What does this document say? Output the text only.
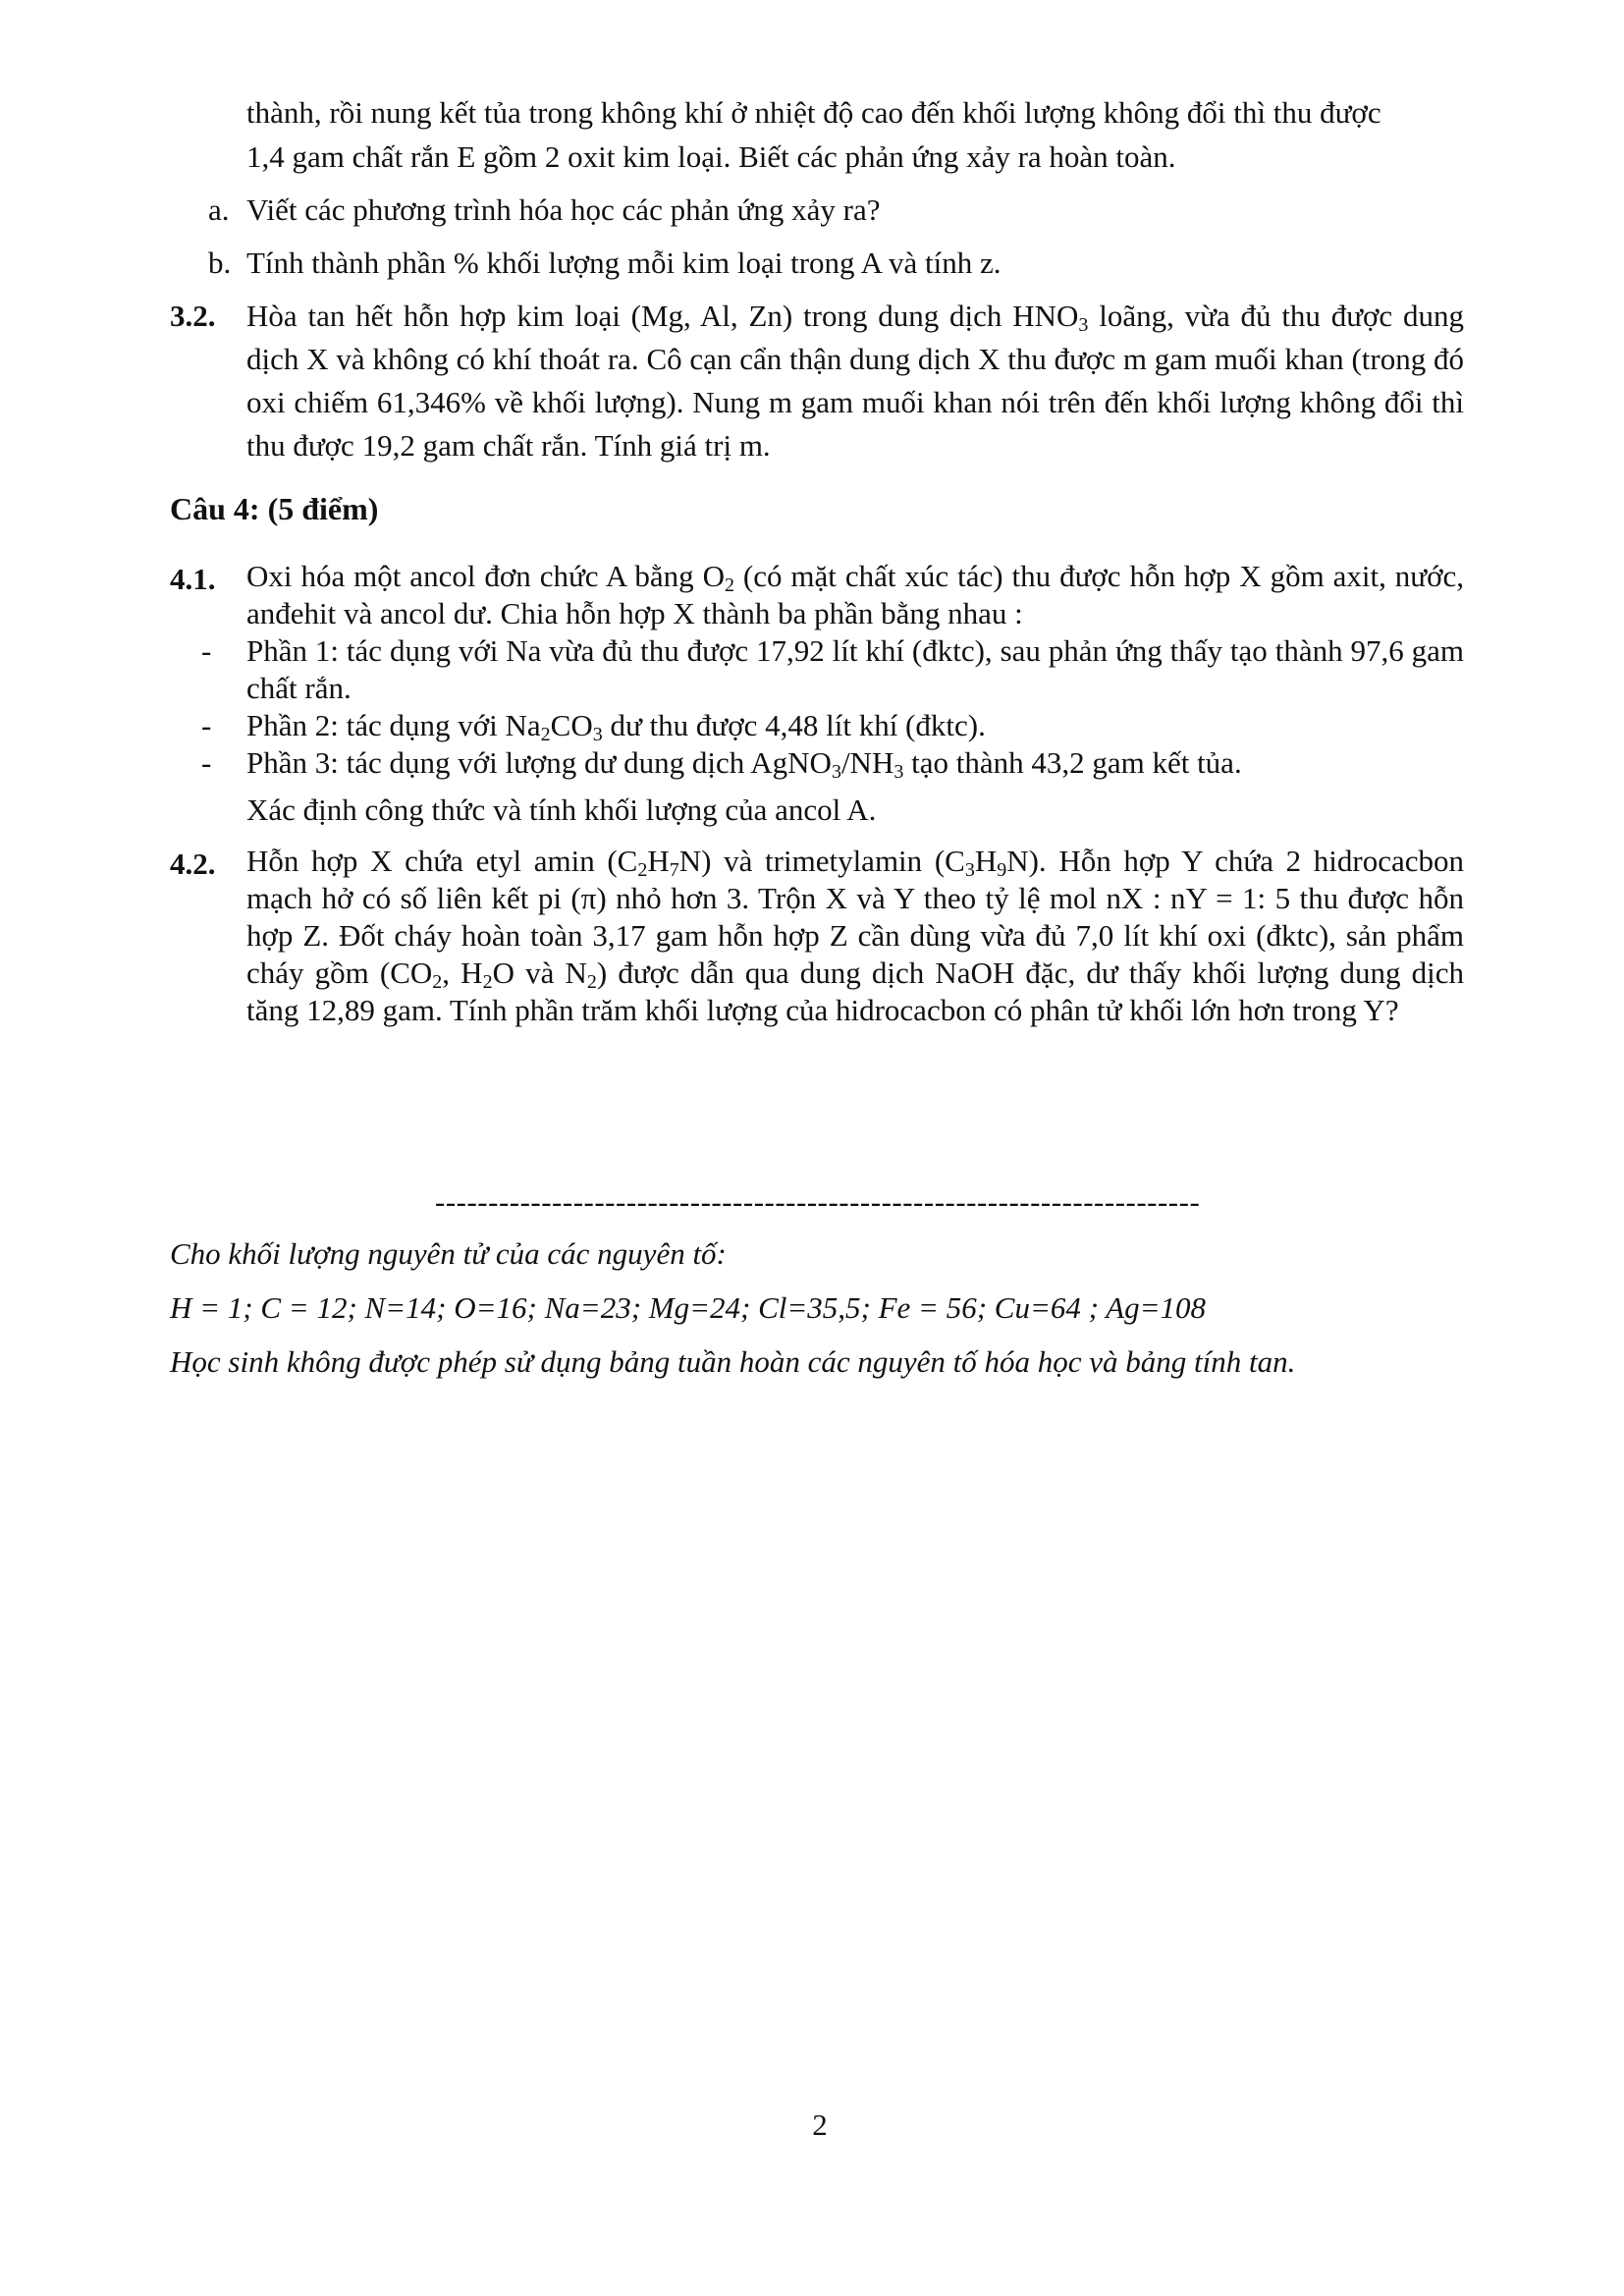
thành, rồi nung kết tủa trong không khí ở nhiệt độ cao đến khối lượng không đổi thì thu được
1,4 gam chất rắn E gồm 2 oxit kim loại. Biết các phản ứng xảy ra hoàn toàn.
a. Viết các phương trình hóa học các phản ứng xảy ra?
b. Tính thành phần % khối lượng mỗi kim loại trong A và tính z.
3.2. Hòa tan hết hỗn hợp kim loại (Mg, Al, Zn) trong dung dịch $HNO_3$ loãng, vừa đủ thu được dung dịch X và không có khí thoát ra. Cô cạn cẩn thận dung dịch X thu được m gam muối khan (trong đó oxi chiếm 61,346% về khối lượng). Nung m gam muối khan nói trên đến khối lượng không đổi thì thu được 19,2 gam chất rắn. Tính giá trị m.
Câu 4: (5 điểm)
4.1. Oxi hóa một ancol đơn chức A bằng $O_2$ (có mặt chất xúc tác) thu được hỗn hợp X gồm axit, nước, anđehit và ancol dư. Chia hỗn hợp X thành ba phần bằng nhau :
- Phần 1: tác dụng với Na vừa đủ thu được 17,92 lít khí (đktc), sau phản ứng thấy tạo thành 97,6 gam chất rắn.
- Phần 2: tác dụng với $Na_2CO_3$ dư thu được 4,48 lít khí (đktc).
- Phần 3: tác dụng với lượng dư dung dịch $AgNO_3/NH_3$ tạo thành 43,2 gam kết tủa.
Xác định công thức và tính khối lượng của ancol A.
4.2. Hỗn hợp X chứa etyl amin $(C_2H_7N)$ và trimetylamin $(C_3H_9N)$. Hỗn hợp Y chứa 2 hidrocacbon mạch hở có số liên kết pi (π) nhỏ hơn 3. Trộn X và Y theo tỷ lệ mol nX : nY = 1: 5 thu được hỗn hợp Z. Đốt cháy hoàn toàn 3,17 gam hỗn hợp Z cần dùng vừa đủ 7,0 lít khí oxi (đktc), sản phẩm cháy gồm ($CO_2$, $H_2O$ và $N_2$) được dẫn qua dung dịch NaOH đặc, dư thấy khối lượng dung dịch tăng 12,89 gam. Tính phần trăm khối lượng của hidrocacbon có phân tử khối lớn hơn trong Y?
------------------------------------------------------------------------
Cho khối lượng nguyên tử của các nguyên tố:
H = 1; C = 12; N=14; O=16; Na=23; Mg=24; Cl=35,5; Fe = 56; Cu=64 ; Ag=108
Học sinh không được phép sử dụng bảng tuần hoàn các nguyên tố hóa học và bảng tính tan.
2
